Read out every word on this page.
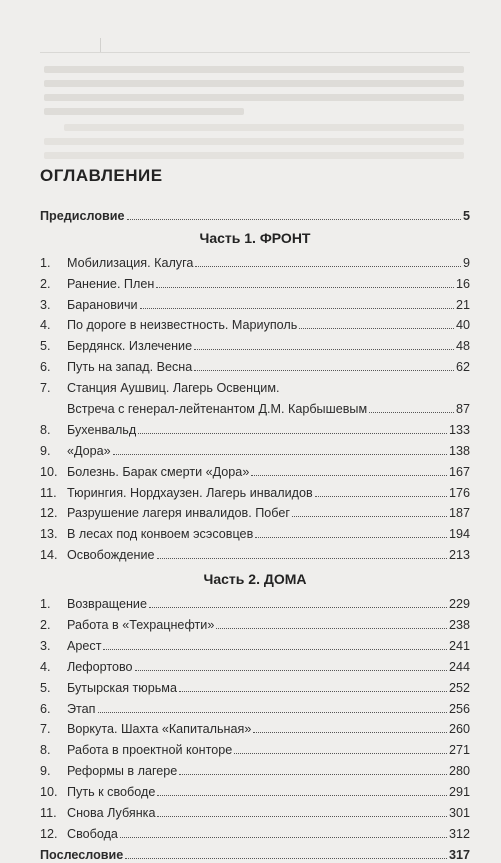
ОГЛАВЛЕНИЕ
Предисловие	5
Часть 1. ФРОНТ
1.	Мобилизация. Калуга	9
2.	Ранение. Плен	16
3.	Барановичи	21
4.	По дороге в неизвестность. Мариуполь	40
5.	Бердянск. Излечение	48
6.	Путь на запад. Весна	62
7.	Станция Аушвиц. Лагерь Освенцим.
Встреча с генерал-лейтенантом Д.М. Карбышевым	87
8.	Бухенвальд	133
9.	«Дора»	138
10. Болезнь. Барак смерти «Дора»	167
11. Тюрингия. Нордхаузен. Лагерь инвалидов	176
12. Разрушение лагеря инвалидов. Побег	187
13. В лесах под конвоем эсэсовцев	194
14. Освобождение	213
Часть 2. ДОМА
1.	Возвращение	229
2.	Работа в «Техрацнефти»	238
3.	Арест	241
4.	Лефортово	244
5.	Бутырская тюрьма	252
6.	Этап	256
7.	Воркута. Шахта «Капитальная»	260
8.	Работа в проектной конторе	271
9.	Реформы в лагере	280
10. Путь к свободе	291
11. Снова Лубянка	301
12. Свобода	312
Послесловие	317
